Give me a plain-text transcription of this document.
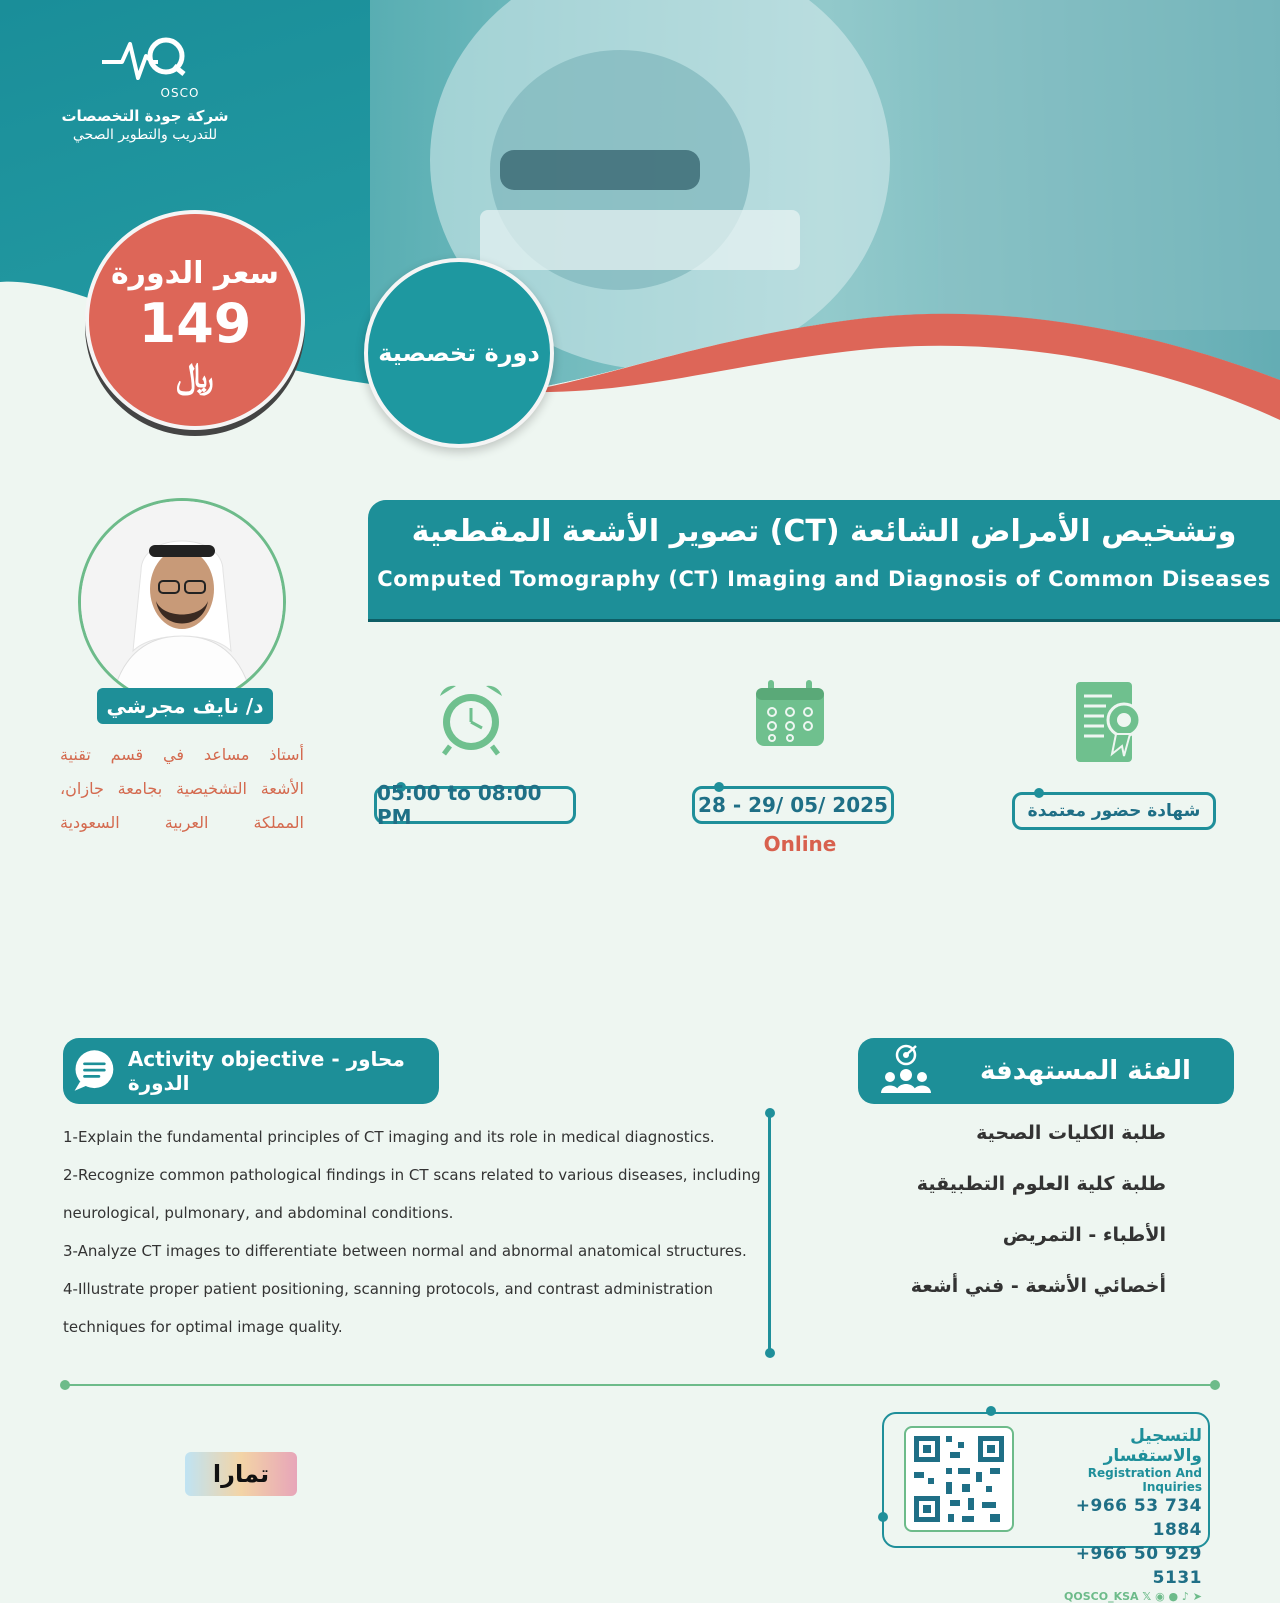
OSCO
شركة جودة التخصصات
للتدريب والتطوير الصحي
سعر الدورة
149
﷼
دورة تخصصية
تصوير الأشعة المقطعية (CT) وتشخيص الأمراض الشائعة
Computed Tomography (CT) Imaging and Diagnosis of Common Diseases
د/ نايف مجرشي
أستاذ مساعد في قسم تقنية
الأشعة التشخيصية بجامعة جازان،
المملكة العربية السعودية
05:00 to 08:00 PM	28 - 29/ 05/ 2025
Online
شهادة حضور معتمدة
Activity objective - محاور الدورة
1-Explain the fundamental principles of CT imaging and its role in medical diagnostics.
2-Recognize common pathological findings in CT scans related to various diseases, including
neurological, pulmonary, and abdominal conditions.
3-Analyze CT images to differentiate between normal and abnormal anatomical structures.
4-Illustrate proper patient positioning, scanning protocols, and contrast administration
techniques for optimal image quality.
الفئة المستهدفة
طلبة الكليات الصحية
طلبة كلية العلوم التطبيقية
الأطباء - التمريض
أخصائي الأشعة - فني أشعة
للتسجيل والاستفسار
Registration And Inquiries
+966 53 734 1884
+966 50 929 5131
QOSCO_KSA 𝕏 ◉ ● ♪ ➤
تمارا
